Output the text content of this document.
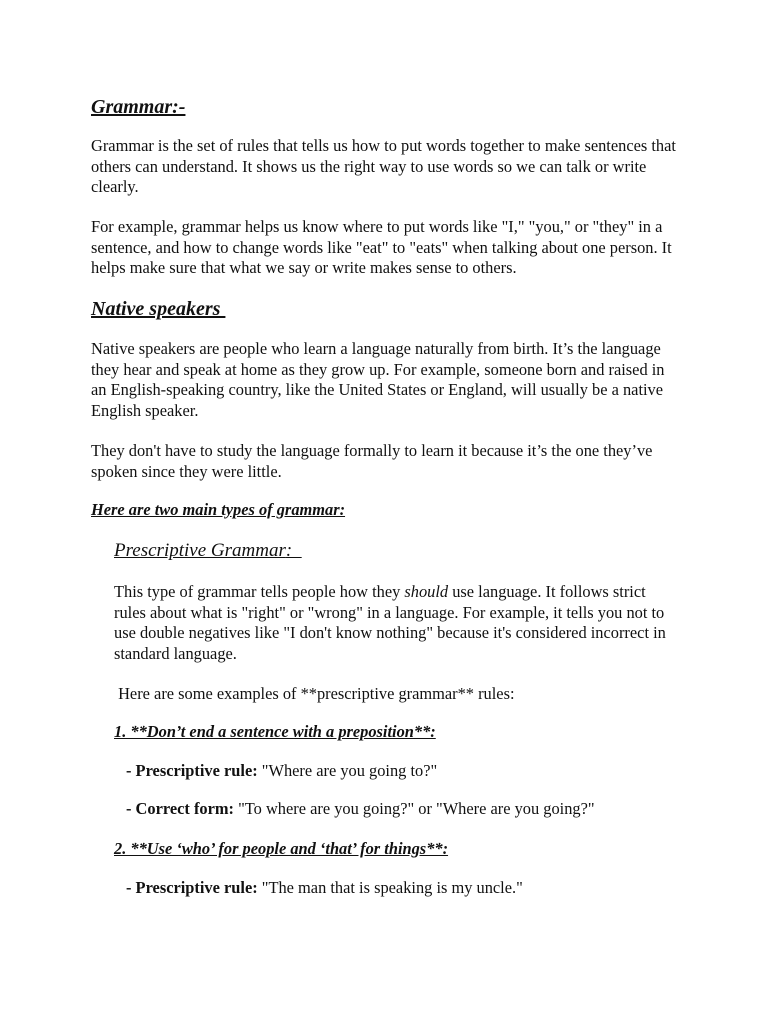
Grammar:-

Grammar is the set of rules that tells us how to put words together to make sentences that others can understand. It shows us the right way to use words so we can talk or write clearly.

For example, grammar helps us know where to put words like "I," "you," or "they" in a sentence, and how to change words like "eat" to "eats" when talking about one person. It helps make sure that what we say or write makes sense to others.

Native speakers

Native speakers are people who learn a language naturally from birth. It’s the language they hear and speak at home as they grow up. For example, someone born and raised in an English-speaking country, like the United States or England, will usually be a native English speaker.

They don't have to study the language formally to learn it because it’s the one they’ve spoken since they were little.

Here are two main types of grammar:
Prescriptive Grammar:

This type of grammar tells people how they should use language. It follows strict rules about what is "right" or "wrong" in a language. For example, it tells you not to use double negatives like "I don't know nothing" because it's considered incorrect in standard language.

Here are some examples of **prescriptive grammar** rules:

1. **Don’t end a sentence with a preposition**:

- Prescriptive rule: "Where are you going to?"

- Correct form: "To where are you going?" or "Where are you going?"

2. **Use ‘who’ for people and ‘that’ for things**:

- Prescriptive rule: "The man that is speaking is my uncle."
